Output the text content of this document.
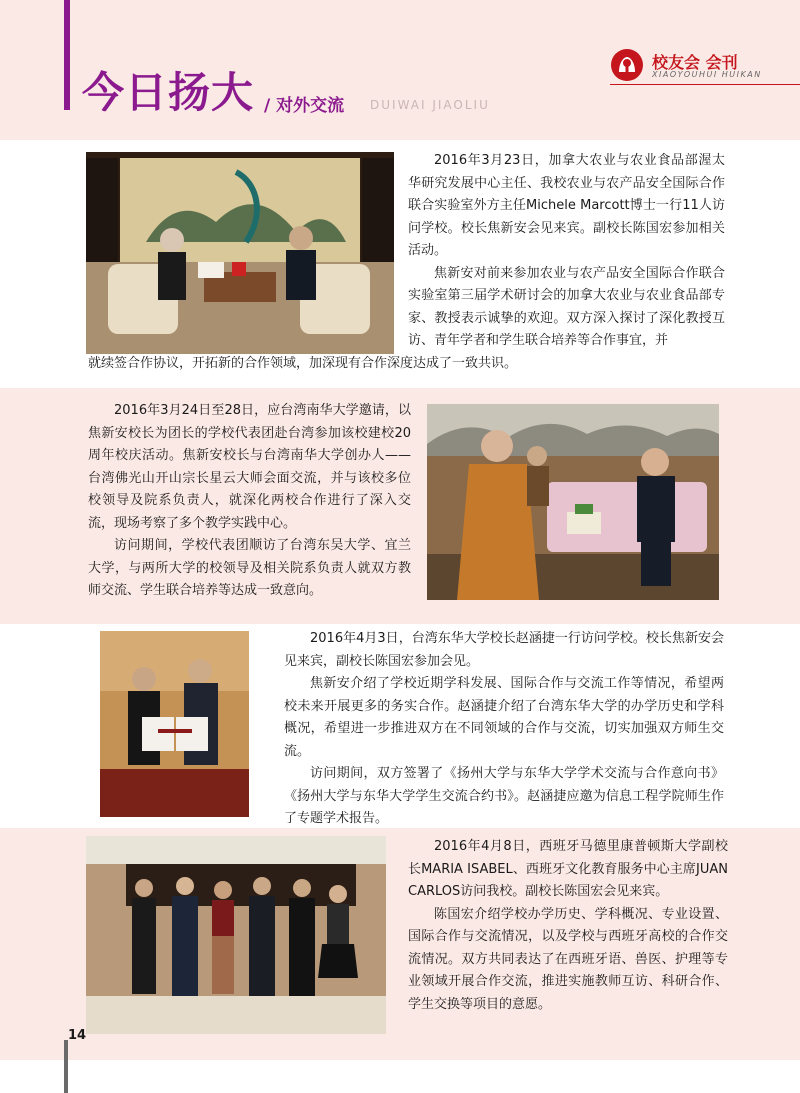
今日扬大 / 对外交流 DUIWAI JIAOLIU
校友会 会刊
XIAOYOUHUI HUIKAN

2016年3月23日，加拿大农业与农业食品部渥太华研究发展中心主任、我校农业与农产品安全国际合作联合实验室外方主任Michele Marcott博士一行11人访问学校。校长焦新安会见来宾。副校长陈国宏参加相关活动。

焦新安对前来参加农业与农产品安全国际合作联合实验室第三届学术研讨会的加拿大农业与农业食品部专家、教授表示诚挚的欢迎。双方深入探讨了深化教授互访、青年学者和学生联合培养等合作事宜，并

就续签合作协议，开拓新的合作领域，加深现有合作深度达成了一致共识。

2016年3月24日至28日，应台湾南华大学邀请，以焦新安校长为团长的学校代表团赴台湾参加该校建校20周年校庆活动。焦新安校长与台湾南华大学创办人——台湾佛光山开山宗长星云大师会面交流，并与该校多位校领导及院系负责人，就深化两校合作进行了深入交流，现场考察了多个教学实践中心。

访问期间，学校代表团顺访了台湾东吴大学、宜兰大学，与两所大学的校领导及相关院系负责人就双方教师交流、学生联合培养等达成一致意向。

2016年4月3日，台湾东华大学校长赵涵捷一行访问学校。校长焦新安会见来宾，副校长陈国宏参加会见。

焦新安介绍了学校近期学科发展、国际合作与交流工作等情况，希望两校未来开展更多的务实合作。赵涵捷介绍了台湾东华大学的办学历史和学科概况，希望进一步推进双方在不同领域的合作与交流，切实加强双方师生交流。

访问期间，双方签署了《扬州大学与东华大学学术交流与合作意向书》《扬州大学与东华大学学生交流合约书》。赵涵捷应邀为信息工程学院师生作了专题学术报告。

2016年4月8日，西班牙马德里康普顿斯大学副校长MARIA ISABEL、西班牙文化教育服务中心主席JUAN CARLOS访问我校。副校长陈国宏会见来宾。

陈国宏介绍学校办学历史、学科概况、专业设置、国际合作与交流情况，以及学校与西班牙高校的合作交流情况。双方共同表达了在西班牙语、兽医、护理等专业领域开展合作交流，推进实施教师互访、科研合作、学生交换等项目的意愿。

14
